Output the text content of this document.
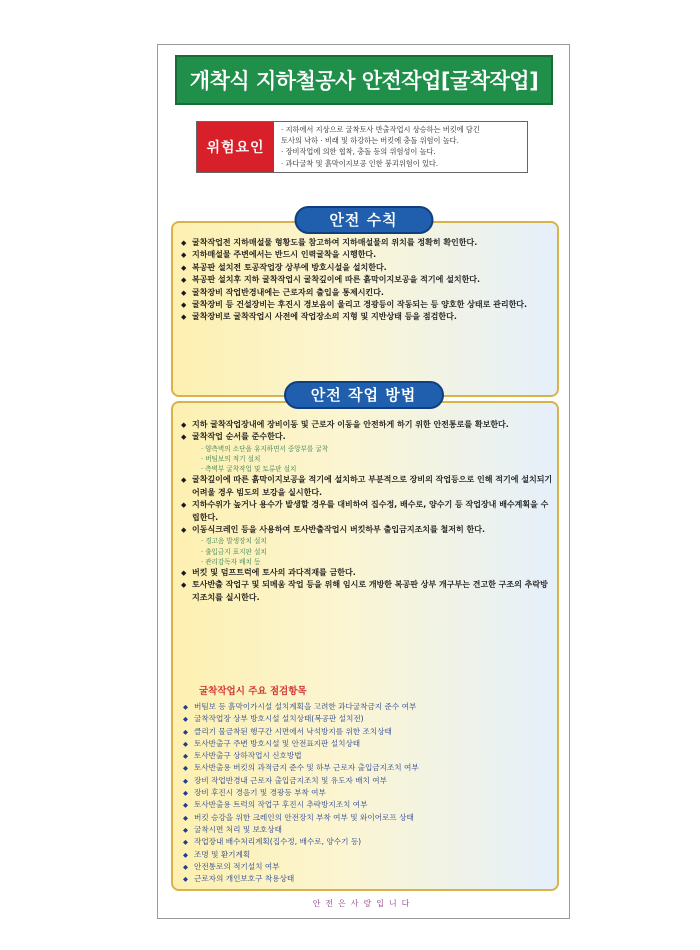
개착식 지하철공사 안전작업[굴착작업]
위험요인
· 지하에서 지상으로 굴착토사 반출작업시 상승하는 버킷에 담긴
토사의 낙하 · 비래 및 하강하는 버킷에 충돌 위험이 높다.
· 장비작업에 의한 협착, 충돌 등의 위험성이 높다.
· 과다굴착 및 흙막이지보공 인한 붕괴위험이 있다.
◆ 굴착작업전 지하매설물 형황도를 참고하여 지하매설물의 위치를 정확히 확인한다.
◆ 지하매설물 주변에서는 반드시 인력굴착을 시행한다.
◆ 복공판 설치전 토공작업장 상부에 방호시설을 설치한다.
◆ 복공판 설치후 지하 굴착작업시 굴착깊이에 따른 흙막이지보공을 적기에 설치한다.
◆ 굴착장비 작업반경내에는 근로자의 출입을 통제시킨다.
◆ 굴착장비 등 건설장비는 후진시 경보음이 울리고 경광등이 작동되는 등 양호한 상태로 관리한다.
◆ 굴착장비로 굴착작업시 사전에 작업장소의 지형 및 지반상태 등을 점검한다.
안전 수칙
◆ 지하 굴착작업장내에 장비이동 및 근로자 이동을 안전하게 하기 위한 안전통로를 확보한다.
◆ 굴착작업 순서를 준수한다.
· 양측벽의 소단을 유지하면서 중앙부를 굴착
· 버팀보의 적기 설치
· 측벽부 굴착작업 및 토류판 설치
◆ 굴착깊이에 따른 흙막이지보공을 적기에 설치하고 부분적으로 장비의 작업등으로 인해 적기에 설치되기 어려울 경우 빔도의 보강을 실시한다.
◆ 지하수위가 높거나 용수가 발생할 경우를 대비하여 집수정, 배수로, 양수기 등 작업장내 배수계획을 수립한다.
◆ 이동식크레인 등을 사용하여 토사반출작업시 버킷하부 출입금지조치를 철저히 한다.
· 경고음 발생장치 설치
· 출입금지 표지판 설치
· 관리감독자 배치 등
◆ 버킷 및 덤프트럭에 토사의 과다적재를 금한다.
◆ 토사반출 작업구 및 되메움 작업 등을 위해 임시로 개방한 복공판 상부 개구부는 견고한 구조의 추락방지조치를 실시한다.
굴착작업시 주요 점검항목
◆ 버팀보 등 흙막이가시설 설치계획을 고려한 과다굴착금지 준수 여부
◆ 굴착작업장 상부 방호시설 설치상태(복공판 설치전)
◆ 클리기 물금착된 행구간 시면에서 낙석방지를 위한 조치상태
◆ 토사반출구 주변 방호시설 및 안전표지판 설치상태
◆ 토사반출구 상하작업시 신호방법
◆ 토사반출용 버킷의 과적금지 준수 및 하부 근로자 출입금지조치 여부
◆ 장비 작업반경내 근로자 출입금지조치 및 유도자 배치 여부
◆ 장비 후진시 경음기 및 경광등 부착 여부
◆ 토사반출용 트럭의 작업구 후진시 추락방지조치 여부
◆ 버킷 승강을 위한 크레인의 안전장치 부착 여부 및 와이어로프 상태
◆ 굴착시면 처리 및 보호상태
◆ 작업장내 배수처리계획(집수정, 배수로, 양수기 등)
◆ 조명 및 환기계획
◆ 안전통로의 적기설치 여부
◆ 근로자의 개인보호구 착용상태
안전 작업 방법
안전은사랑입니다
